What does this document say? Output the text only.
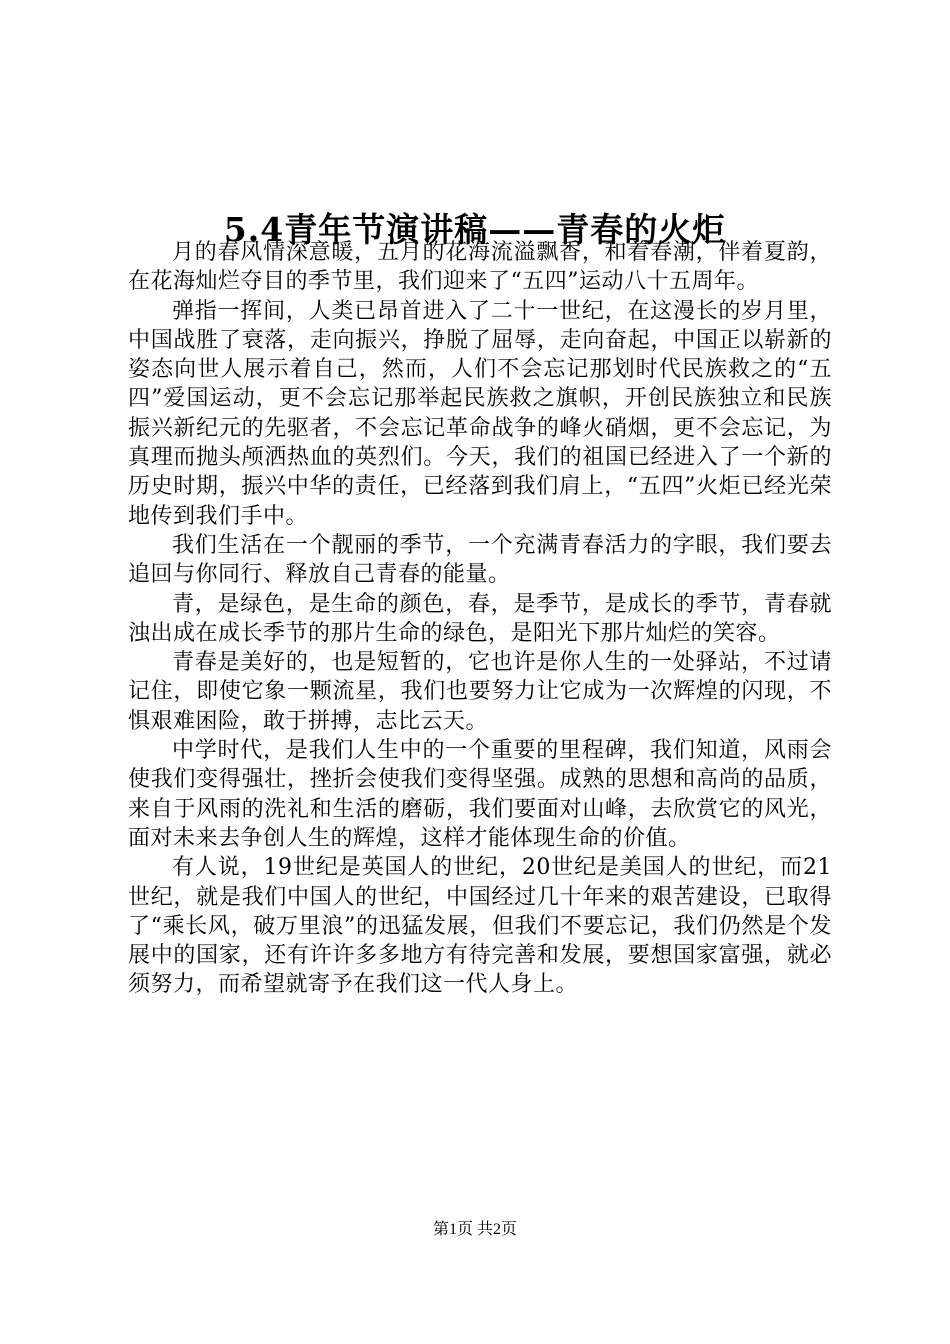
5.4青年节演讲稿——青春的火炬

月的春风情深意暖，五月的花海流溢飘香，和着春潮，伴着夏韵，在花海灿烂夺目的季节里，我们迎来了“五四”运动八十五周年。

弹指一挥间，人类已昂首进入了二十一世纪，在这漫长的岁月里，中国战胜了衰落，走向振兴，挣脱了屈辱，走向奋起，中国正以崭新的姿态向世人展示着自己，然而，人们不会忘记那划时代民族救之的“五四”爱国运动，更不会忘记那举起民族救之旗帜，开创民族独立和民族振兴新纪元的先驱者，不会忘记革命战争的峰火硝烟，更不会忘记，为真理而抛头颅洒热血的英烈们。今天，我们的祖国已经进入了一个新的历史时期，振兴中华的责任，已经落到我们肩上，“五四”火炬已经光荣地传到我们手中。

我们生活在一个靓丽的季节，一个充满青春活力的字眼，我们要去追回与你同行、释放自己青春的能量。

青，是绿色，是生命的颜色，春，是季节，是成长的季节，青春就浊出成在成长季节的那片生命的绿色，是阳光下那片灿烂的笑容。

青春是美好的，也是短暂的，它也许是你人生的一处驿站，不过请记住，即使它象一颗流星，我们也要努力让它成为一次辉煌的闪现，不惧艰难困险，敢于拼搏，志比云天。

中学时代，是我们人生中的一个重要的里程碑，我们知道，风雨会使我们变得强壮，挫折会使我们变得坚强。成熟的思想和高尚的品质，来自于风雨的洗礼和生活的磨砺，我们要面对山峰，去欣赏它的风光，面对未来去争创人生的辉煌，这样才能体现生命的价值。

有人说，19世纪是英国人的世纪，20世纪是美国人的世纪，而21世纪，就是我们中国人的世纪，中国经过几十年来的艰苦建设，已取得了“乘长风，破万里浪”的迅猛发展，但我们不要忘记，我们仍然是个发展中的国家，还有许许多多地方有待完善和发展，要想国家富强，就必须努力，而希望就寄予在我们这一代人身上。

第1页 共2页
